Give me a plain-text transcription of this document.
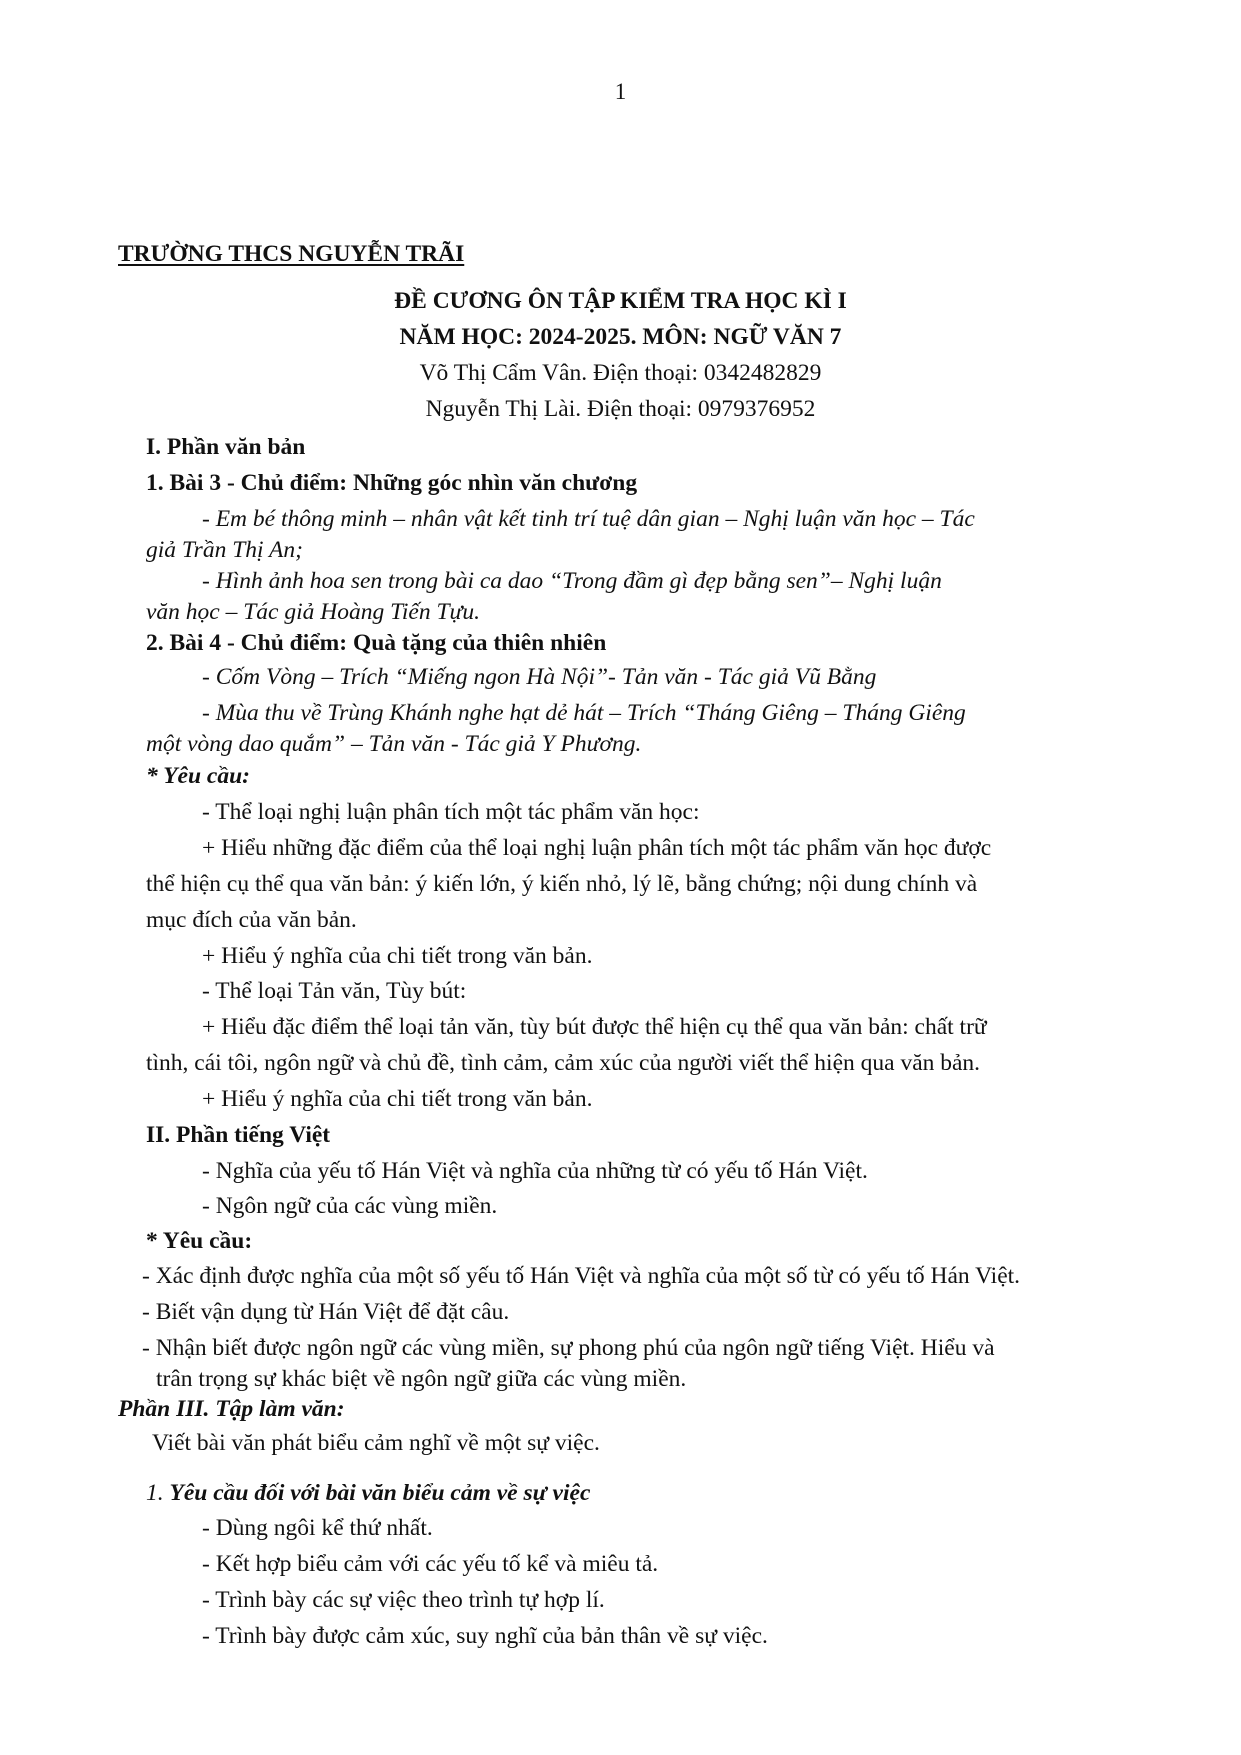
1
TRƯỜNG THCS NGUYỄN TRÃI
ĐỀ CƯƠNG ÔN TẬP KIỂM TRA HỌC KÌ I
NĂM HỌC: 2024-2025. MÔN: NGỮ VĂN 7
Võ Thị Cẩm Vân. Điện thoại: 0342482829
Nguyễn Thị Lài. Điện thoại: 0979376952
I. Phần văn bản
1. Bài 3 - Chủ điểm: Những góc nhìn văn chương
- Em bé thông minh – nhân vật kết tinh trí tuệ dân gian – Nghị luận văn học – Tác
giả Trần Thị An;
- Hình ảnh hoa sen trong bài ca dao “Trong đầm gì đẹp bằng sen”– Nghị luận
văn học – Tác giả Hoàng Tiến Tựu.
2. Bài 4 - Chủ điểm: Quà tặng của thiên nhiên
- Cốm Vòng – Trích “Miếng ngon Hà Nội”- Tản văn - Tác giả Vũ Bằng
- Mùa thu về Trùng Khánh nghe hạt dẻ hát – Trích “Tháng Giêng – Tháng Giêng
một vòng dao quắm” – Tản văn - Tác giả Y Phương.
* Yêu cầu:
- Thể loại nghị luận phân tích một tác phẩm văn học:
+ Hiểu những đặc điểm của thể loại nghị luận phân tích một tác phẩm văn học được
thể hiện cụ thể qua văn bản: ý kiến lớn, ý kiến nhỏ, lý lẽ, bằng chứng; nội dung chính và
mục đích của văn bản.
+ Hiểu ý nghĩa của chi tiết trong văn bản.
- Thể loại Tản văn, Tùy bút:
+ Hiểu đặc điểm thể loại tản văn, tùy bút được thể hiện cụ thể qua văn bản: chất trữ
tình, cái tôi, ngôn ngữ và chủ đề, tình cảm, cảm xúc của người viết thể hiện qua văn bản.
+ Hiểu ý nghĩa của chi tiết trong văn bản.
II. Phần tiếng Việt
- Nghĩa của yếu tố Hán Việt và nghĩa của những từ có yếu tố Hán Việt.
- Ngôn ngữ của các vùng miền.
* Yêu cầu:
- Xác định được nghĩa của một số yếu tố Hán Việt và nghĩa của một số từ có yếu tố Hán Việt.
- Biết vận dụng từ Hán Việt để đặt câu.
- Nhận biết được ngôn ngữ các vùng miền, sự phong phú của ngôn ngữ tiếng Việt. Hiểu và
trân trọng sự khác biệt về ngôn ngữ giữa các vùng miền.
Phần III. Tập làm văn:
Viết bài văn phát biểu cảm nghĩ về một sự việc.
1. Yêu cầu đối với bài văn biểu cảm về sự việc
- Dùng ngôi kể thứ nhất.
- Kết hợp biểu cảm với các yếu tố kể và miêu tả.
- Trình bày các sự việc theo trình tự hợp lí.
- Trình bày được cảm xúc, suy nghĩ của bản thân về sự việc.
